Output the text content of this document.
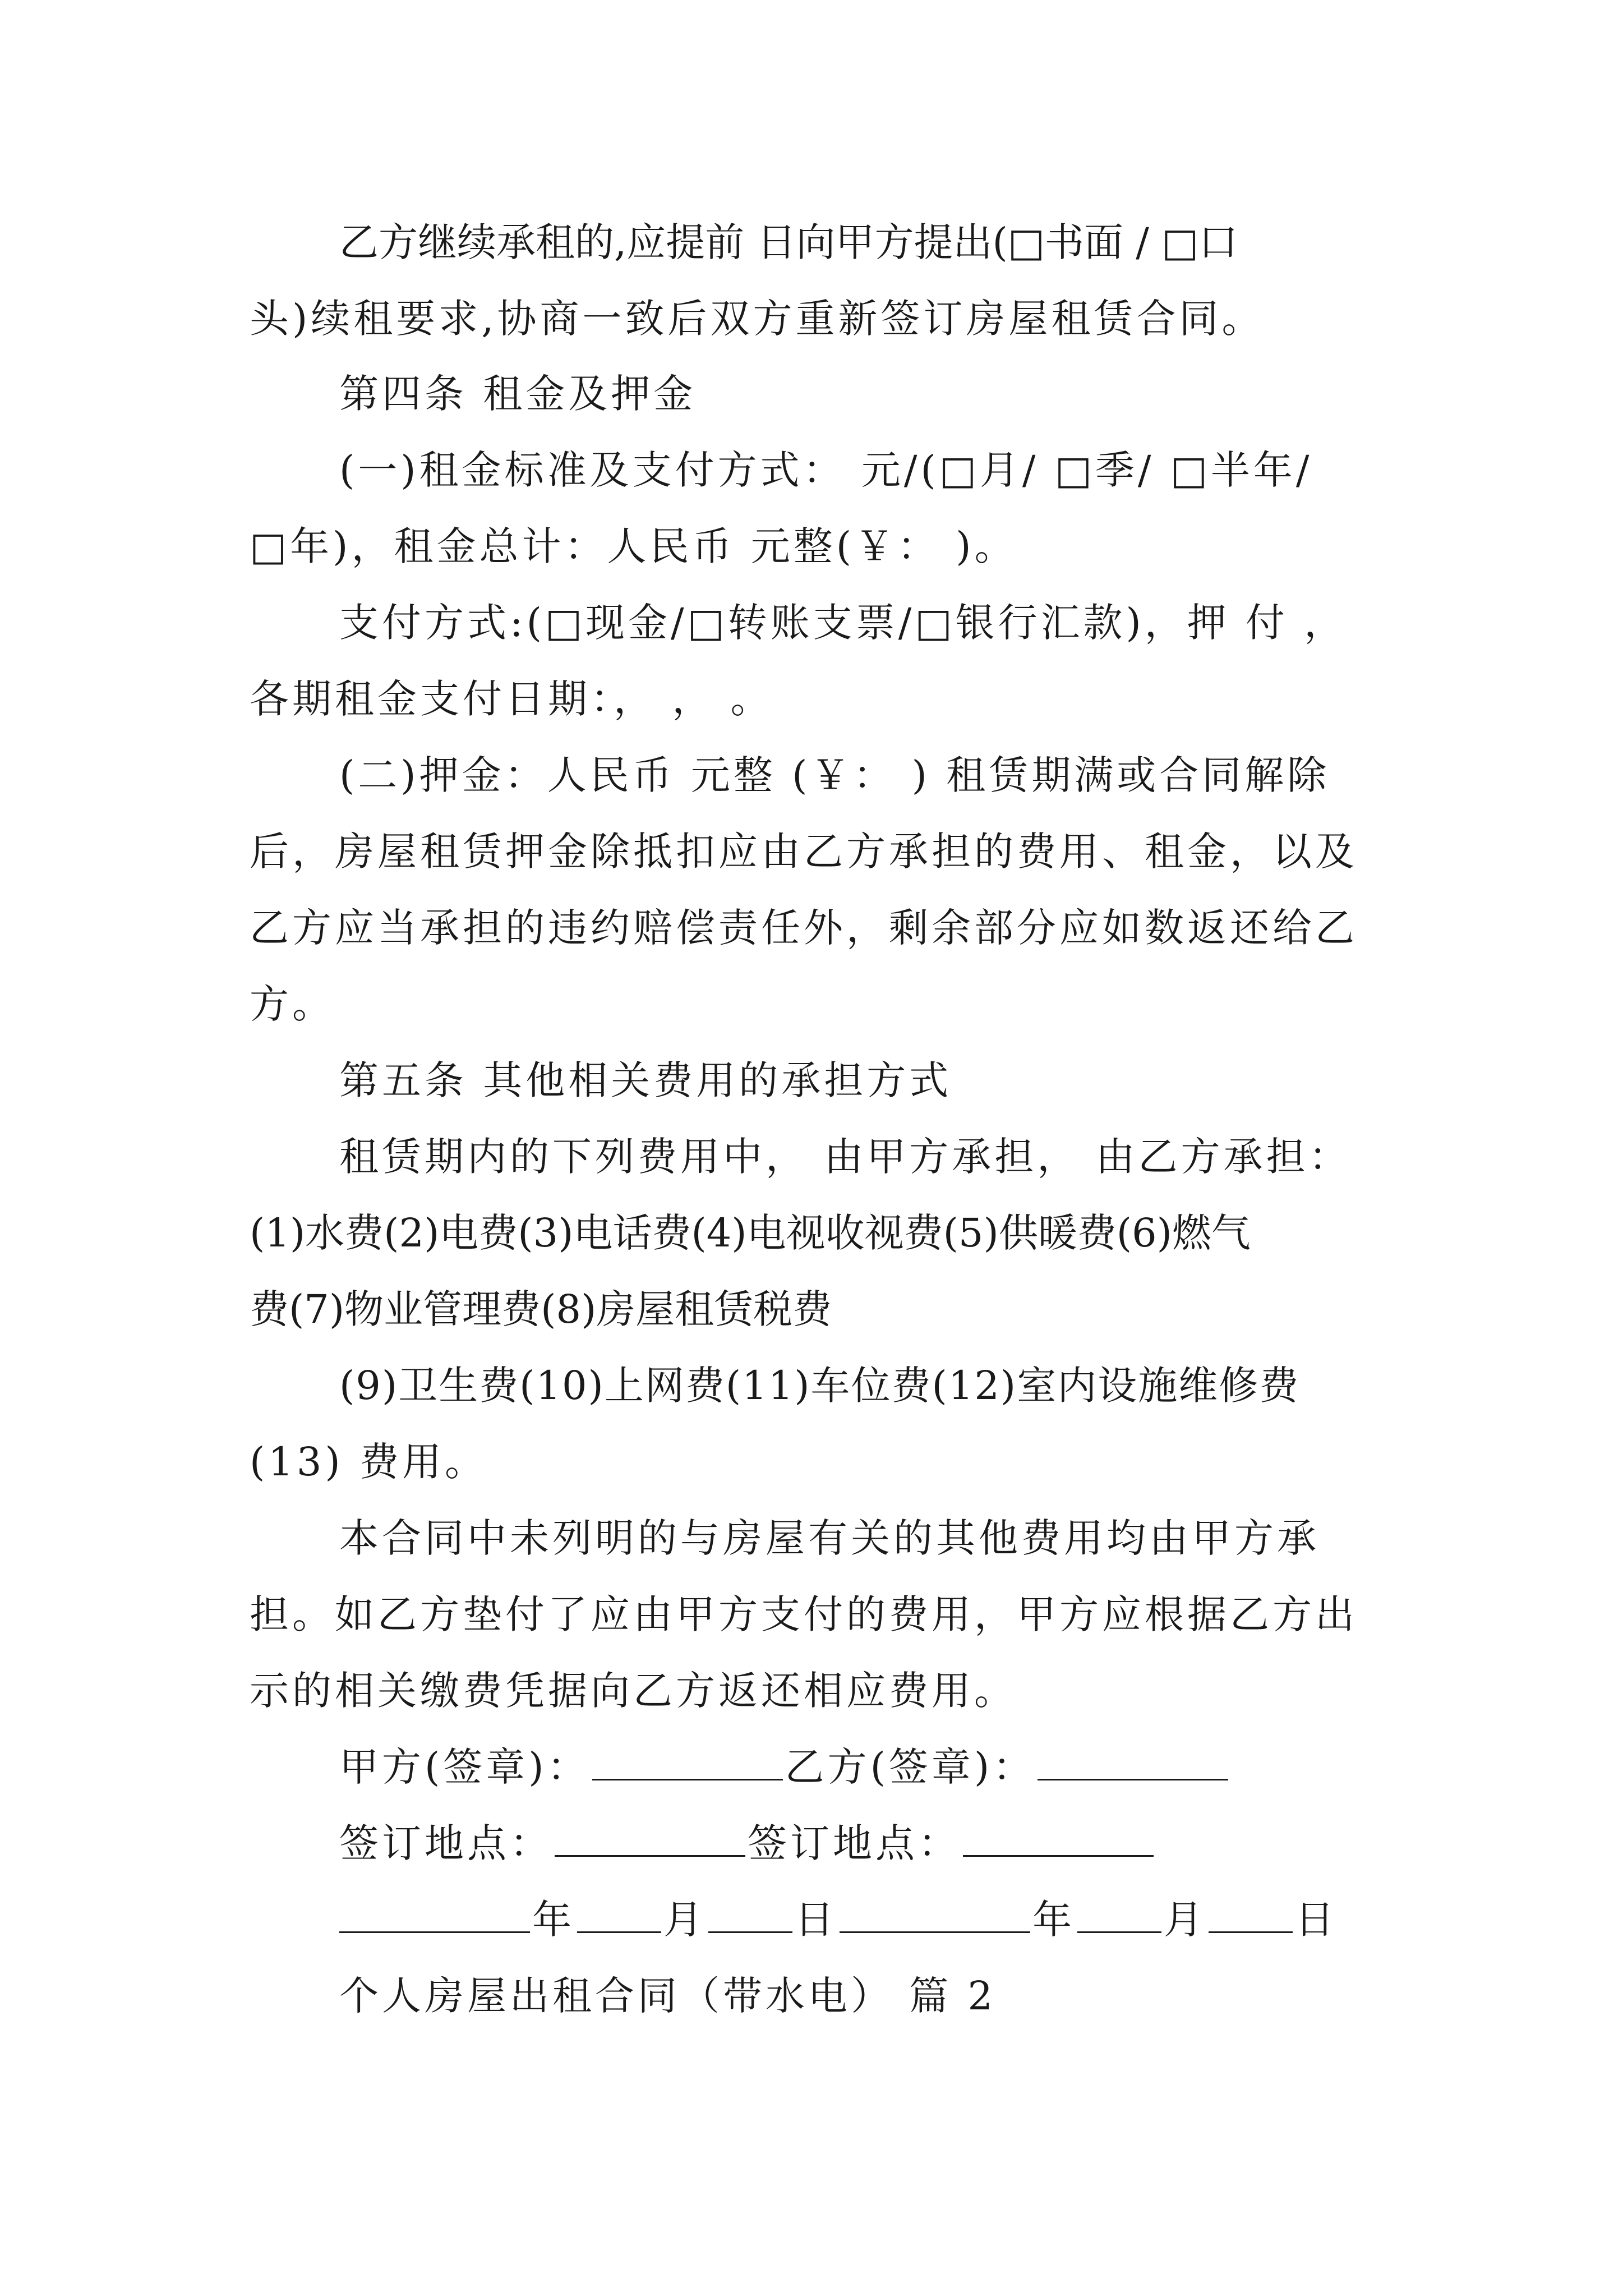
乙方继续承租的,应提前 日向甲方提出(□书面 / □口
头)续租要求,协商一致后双方重新签订房屋租赁合同。
第四条 租金及押金
(一)租金标准及支付方式： 元/(□月/ □季/ □半年/
□年)，租金总计：人民币 元整(￥： )。
支付方式:(□现金/□转账支票/□银行汇款)，押 付 ，
各期租金支付日期：， ， 。
(二)押金：人民币 元整 (￥： ) 租赁期满或合同解除
后，房屋租赁押金除抵扣应由乙方承担的费用、租金，以及
乙方应当承担的违约赔偿责任外，剩余部分应如数返还给乙
方。
第五条 其他相关费用的承担方式
租赁期内的下列费用中， 由甲方承担， 由乙方承担：
(1)水费(2)电费(3)电话费(4)电视收视费(5)供暖费(6)燃气
费(7)物业管理费(8)房屋租赁税费
(9)卫生费(10)上网费(11)车位费(12)室内设施维修费
(13) 费用。
本合同中未列明的与房屋有关的其他费用均由甲方承
担。如乙方垫付了应由甲方支付的费用，甲方应根据乙方出
示的相关缴费凭据向乙方返还相应费用。
甲方(签章)：	乙方(签章)：
签订地点：	签订地点：
年 月 日	年 月 日
个人房屋出租合同（带水电） 篇 2
